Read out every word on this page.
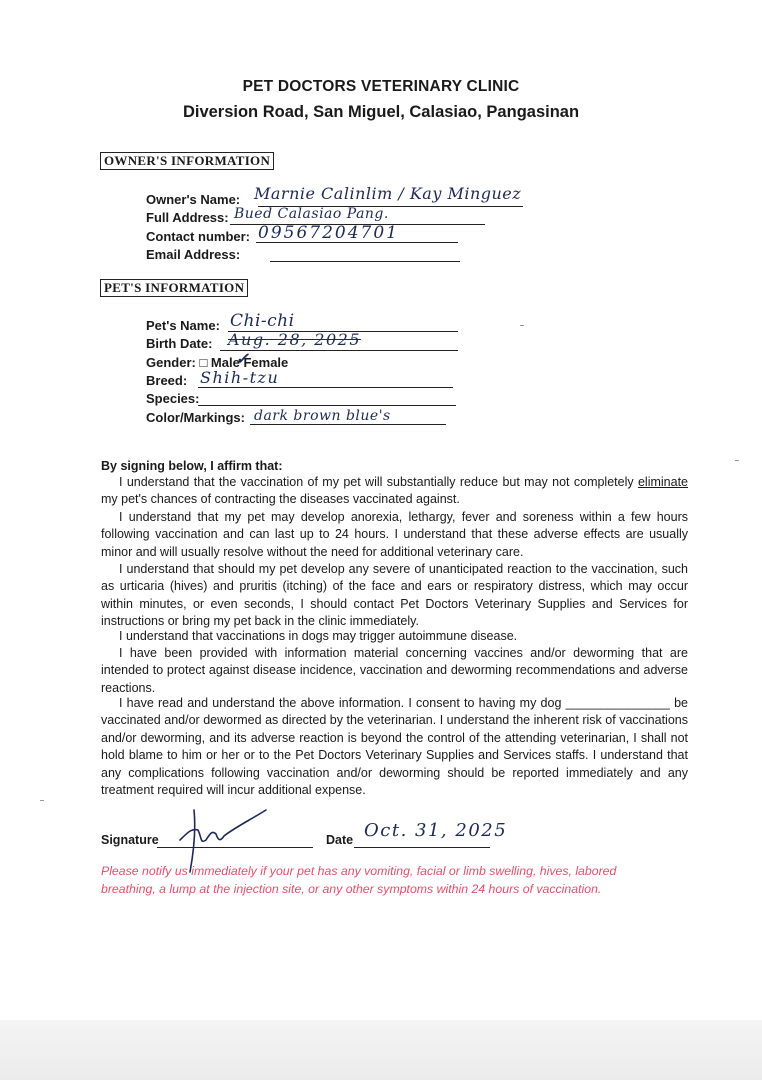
PET DOCTORS VETERINARY CLINIC
Diversion Road, San Miguel, Calasiao, Pangasinan
OWNER'S INFORMATION
Owner's Name: Marnie Calinlim / Kay Minguez
Full Address: Bued Calasiao Pang.
Contact number: 09567204701
Email Address:
PET'S INFORMATION
Pet's Name: Chi-chi
Birth Date: Aug. 28, 2025
Gender: □ Male
✓
Female
Breed: Shih-tzu
Species:
Color/Markings: dark brown blue's
By signing below, I affirm that:
I understand that the vaccination of my pet will substantially reduce but may not completely eliminate my pet's chances of contracting the diseases vaccinated against.
I understand that my pet may develop anorexia, lethargy, fever and soreness within a few hours following vaccination and can last up to 24 hours. I understand that these adverse effects are usually minor and will usually resolve without the need for additional veterinary care.
I understand that should my pet develop any severe of unanticipated reaction to the vaccination, such as urticaria (hives) and pruritis (itching) of the face and ears or respiratory distress, which may occur within minutes, or even seconds, I should contact Pet Doctors Veterinary Supplies and Services for instructions or bring my pet back in the clinic immediately.
I understand that vaccinations in dogs may trigger autoimmune disease.
I have been provided with information material concerning vaccines and/or deworming that are intended to protect against disease incidence, vaccination and deworming recommendations and adverse reactions.
I have read and understand the above information. I consent to having my dog _______________ be vaccinated and/or dewormed as directed by the veterinarian. I understand the inherent risk of vaccinations and/or deworming, and its adverse reaction is beyond the control of the attending veterinarian, I shall not hold blame to him or her or to the Pet Doctors Veterinary Supplies and Services staffs. I understand that any complications following vaccination and/or deworming should be reported immediately and any treatment required will incur additional expense.
Signature	Date Oct. 31, 2025
Please notify us immediately if your pet has any vomiting, facial or limb swelling, hives, labored breathing, a lump at the injection site, or any other symptoms within 24 hours of vaccination.
